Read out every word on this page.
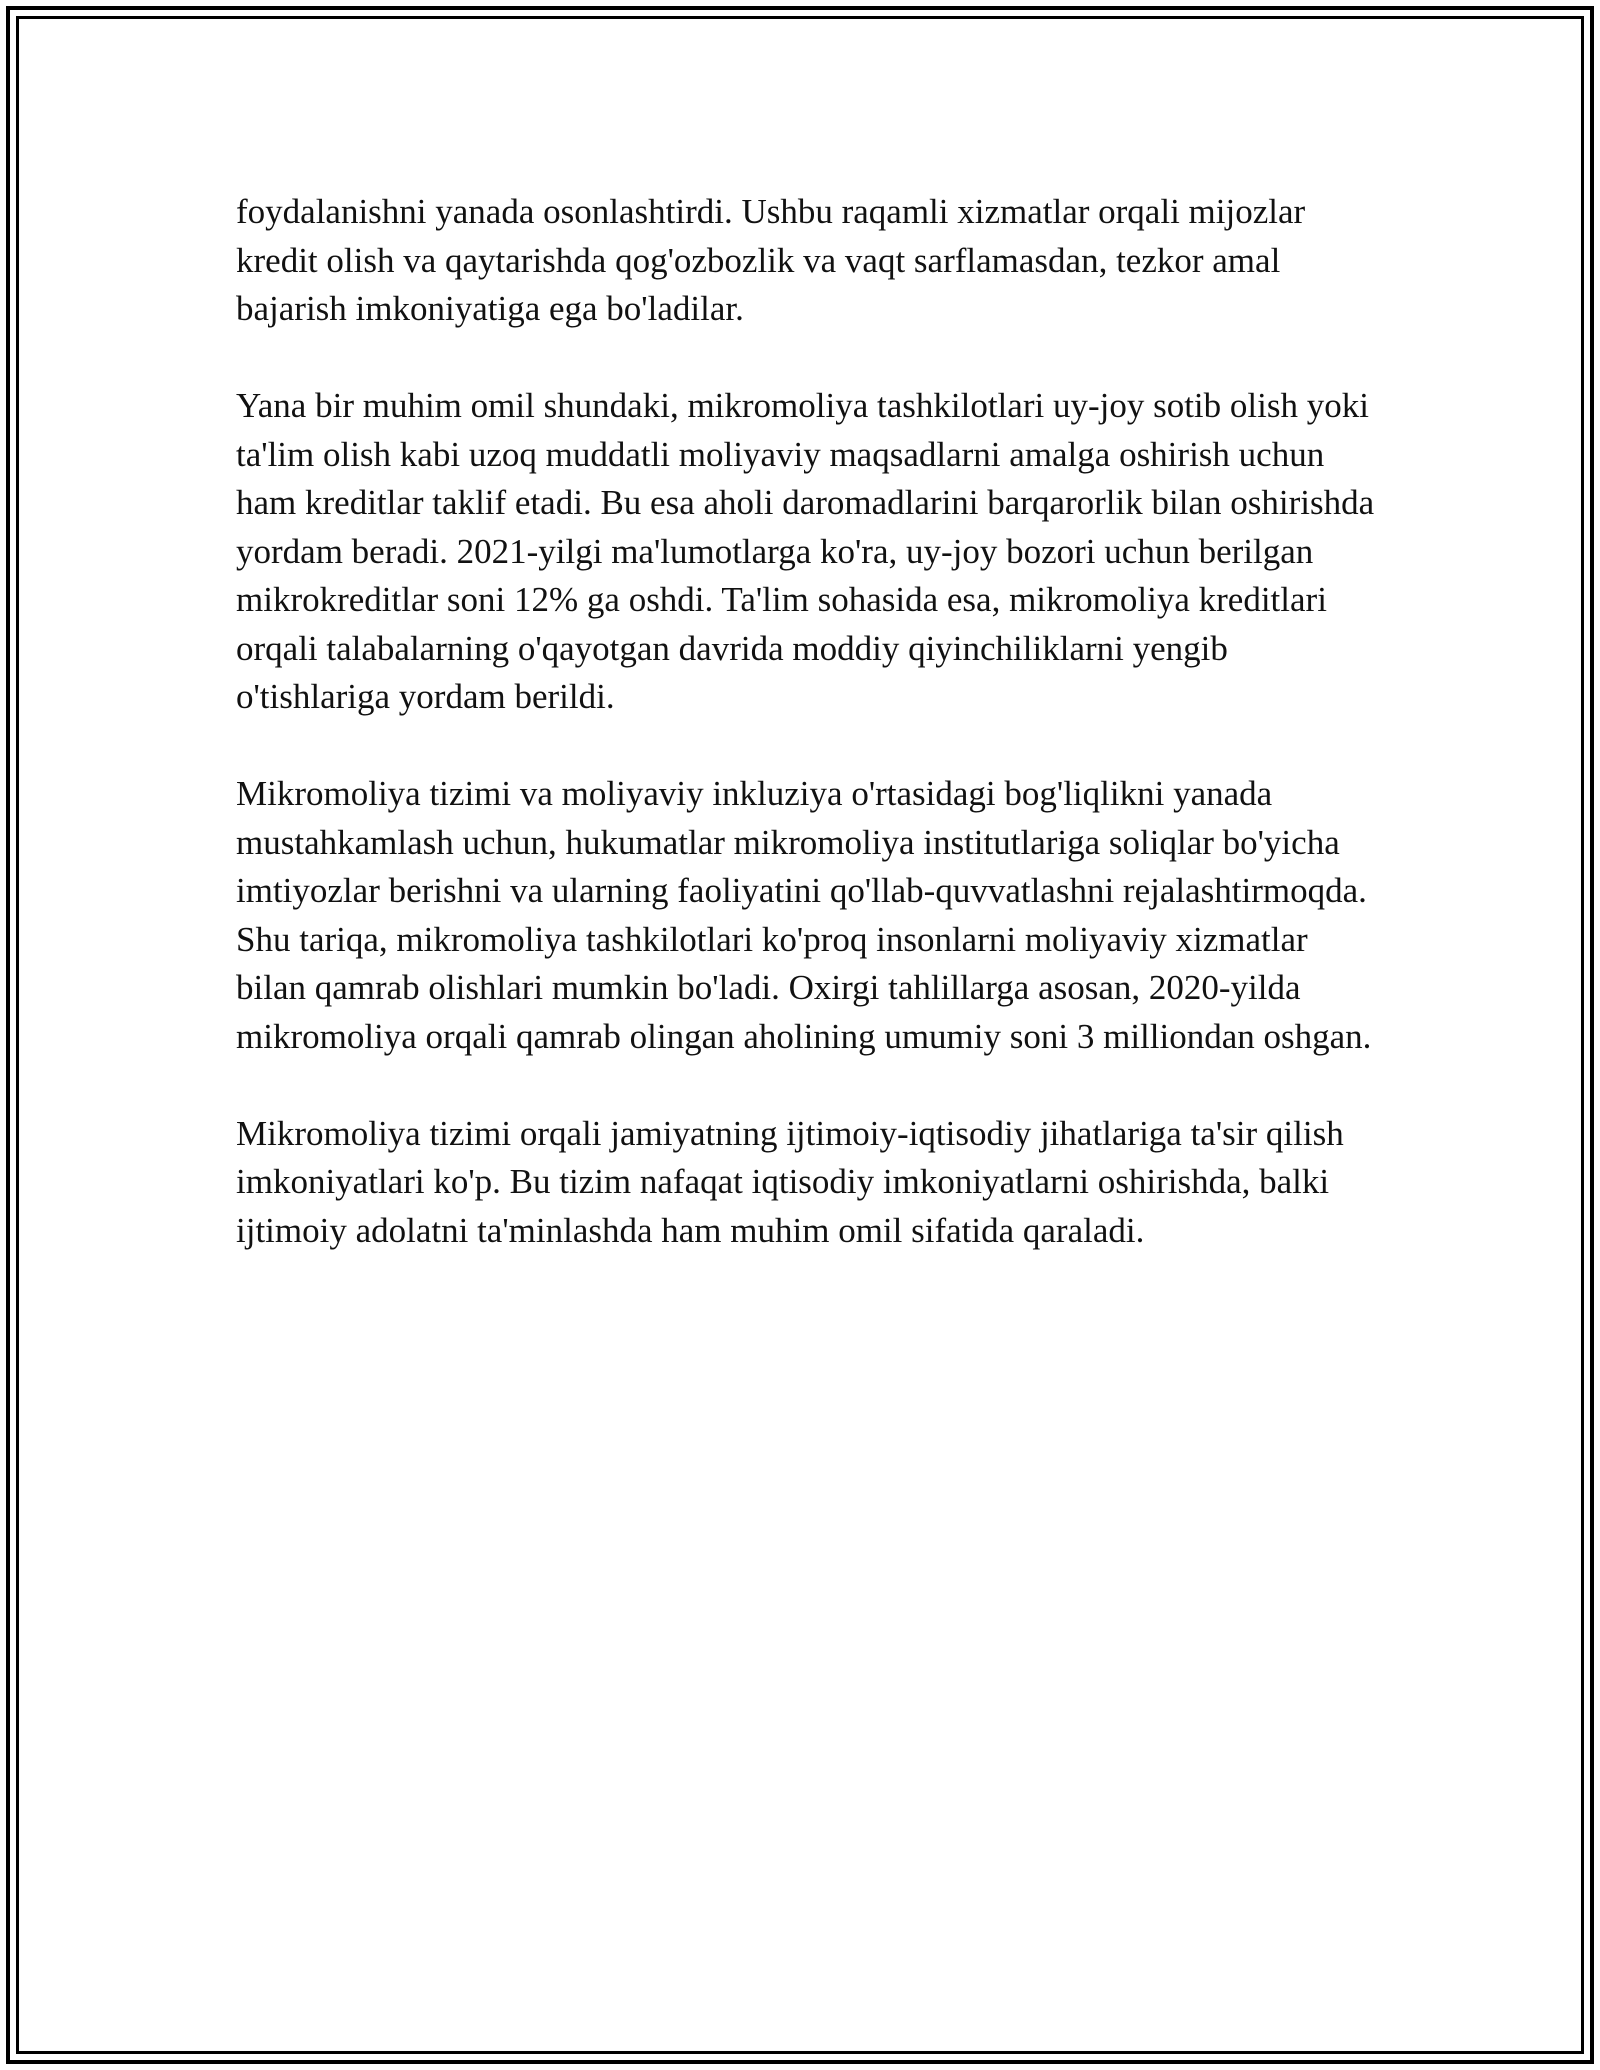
foydalanishni yanada osonlashtirdi. Ushbu raqamli xizmatlar orqali mijozlar kredit olish va qaytarishda qog'ozbozlik va vaqt sarflamasdan, tezkor amal bajarish imkoniyatiga ega bo'ladilar.

Yana bir muhim omil shundaki, mikromoliya tashkilotlari uy-joy sotib olish yoki ta'lim olish kabi uzoq muddatli moliyaviy maqsadlarni amalga oshirish uchun ham kreditlar taklif etadi. Bu esa aholi daromadlarini barqarorlik bilan oshirishda yordam beradi. 2021-yilgi ma'lumotlarga ko'ra, uy-joy bozori uchun berilgan mikrokreditlar soni 12% ga oshdi. Ta'lim sohasida esa, mikromoliya kreditlari orqali talabalarning o'qayotgan davrida moddiy qiyinchiliklarni yengib o'tishlariga yordam berildi.

Mikromoliya tizimi va moliyaviy inkluziya o'rtasidagi bog'liqlikni yanada mustahkamlash uchun, hukumatlar mikromoliya institutlariga soliqlar bo'yicha imtiyozlar berishni va ularning faoliyatini qo'llab-quvvatlashni rejalashtirmoqda. Shu tariqa, mikromoliya tashkilotlari ko'proq insonlarni moliyaviy xizmatlar bilan qamrab olishlari mumkin bo'ladi. Oxirgi tahlillarga asosan, 2020-yilda mikromoliya orqali qamrab olingan aholining umumiy soni 3 milliondan oshgan.

Mikromoliya tizimi orqali jamiyatning ijtimoiy-iqtisodiy jihatlariga ta'sir qilish imkoniyatlari ko'p. Bu tizim nafaqat iqtisodiy imkoniyatlarni oshirishda, balki ijtimoiy adolatni ta'minlashda ham muhim omil sifatida qaraladi.
